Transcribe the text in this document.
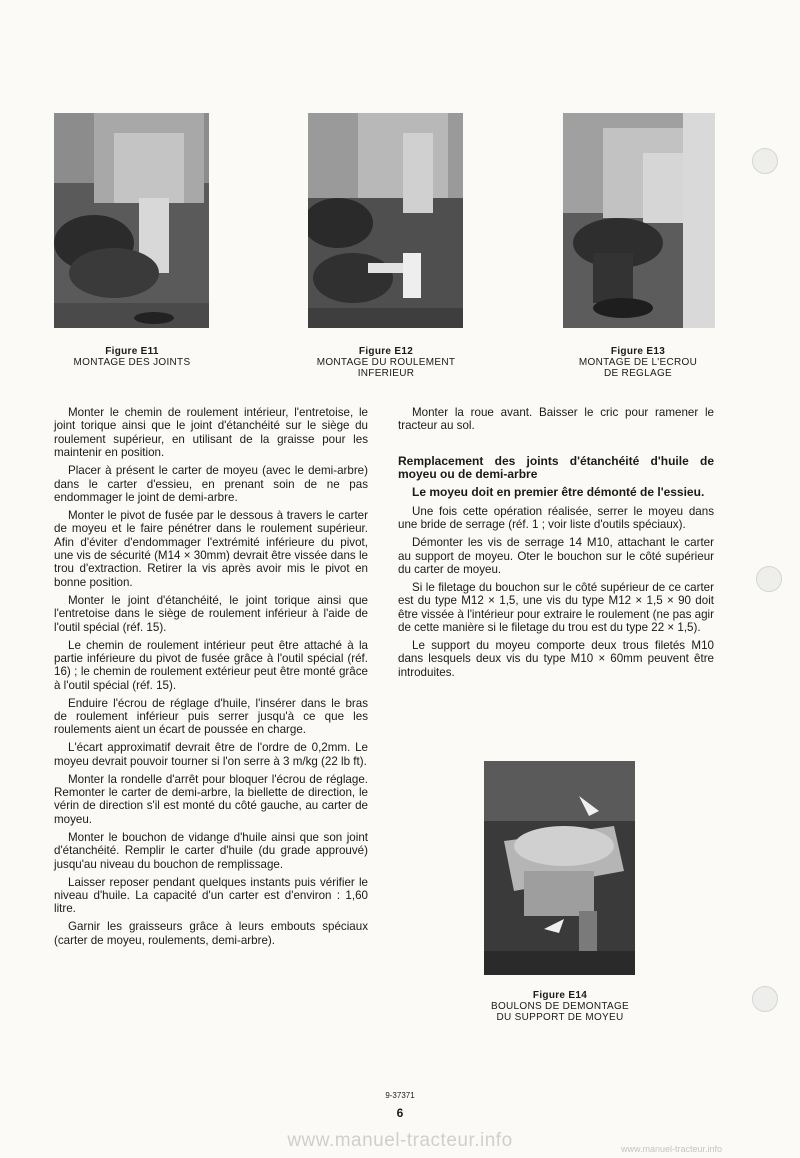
Figure E11
MONTAGE DES JOINTS
Figure E12
MONTAGE DU ROULEMENT
INFERIEUR
Figure E13
MONTAGE DE L'ECROU
DE REGLAGE
Figure E14
BOULONS DE DEMONTAGE
DU SUPPORT DE MOYEU

Monter le chemin de roulement intérieur, l'entretoise, le joint torique ainsi que le joint d'étanchéité sur le siège du roulement supérieur, en utilisant de la graisse pour les maintenir en position.

Placer à présent le carter de moyeu (avec le demi-arbre) dans le carter d'essieu, en prenant soin de ne pas endommager le joint de demi-arbre.

Monter le pivot de fusée par le dessous à travers le carter de moyeu et le faire pénétrer dans le roulement supérieur. Afin d'éviter d'endommager l'extrémité inférieure du pivot, une vis de sécurité (M14 × 30mm) devrait être vissée dans le trou d'extraction. Retirer la vis après avoir mis le pivot en bonne position.

Monter le joint d'étanchéité, le joint torique ainsi que l'entretoise dans le siège de roulement inférieur à l'aide de l'outil spécial (réf. 15).

Le chemin de roulement intérieur peut être attaché à la partie inférieure du pivot de fusée grâce à l'outil spécial (réf. 16) ; le chemin de roulement extérieur peut être monté grâce à l'outil spécial (réf. 15).

Enduire l'écrou de réglage d'huile, l'insérer dans le bras de roulement inférieur puis serrer jusqu'à ce que les roulements aient un écart de poussée en charge.

L'écart approximatif devrait être de l'ordre de 0,2mm. Le moyeu devrait pouvoir tourner si l'on serre à 3 m/kg (22 lb ft).

Monter la rondelle d'arrêt pour bloquer l'écrou de réglage. Remonter le carter de demi-arbre, la biellette de direction, le vérin de direction s'il est monté du côté gauche, au carter de moyeu.

Monter le bouchon de vidange d'huile ainsi que son joint d'étanchéité. Remplir le carter d'huile (du grade approuvé) jusqu'au niveau du bouchon de remplissage.

Laisser reposer pendant quelques instants puis vérifier le niveau d'huile. La capacité d'un carter est d'environ : 1,60 litre.

Garnir les graisseurs grâce à leurs embouts spéciaux (carter de moyeu, roulements, demi-arbre).

Monter la roue avant. Baisser le cric pour ramener le tracteur au sol.

Remplacement des joints d'étanchéité d'huile de moyeu ou de demi-arbre

Le moyeu doit en premier être démonté de l'essieu.

Une fois cette opération réalisée, serrer le moyeu dans une bride de serrage (réf. 1 ; voir liste d'outils spéciaux).

Démonter les vis de serrage 14 M10, attachant le carter au support de moyeu. Oter le bouchon sur le côté supérieur du carter de moyeu.

Si le filetage du bouchon sur le côté supérieur de ce carter est du type M12 × 1,5, une vis du type M12 × 1,5 × 90 doit être vissée à l'intérieur pour extraire le roulement (ne pas agir de cette manière si le filetage du trou est du type 22 × 1,5).

Le support du moyeu comporte deux trous filetés M10 dans lesquels deux vis du type M10 × 60mm peuvent être introduites.

9-37371
6
www.manuel-tracteur.info	www.manuel-tracteur.info
